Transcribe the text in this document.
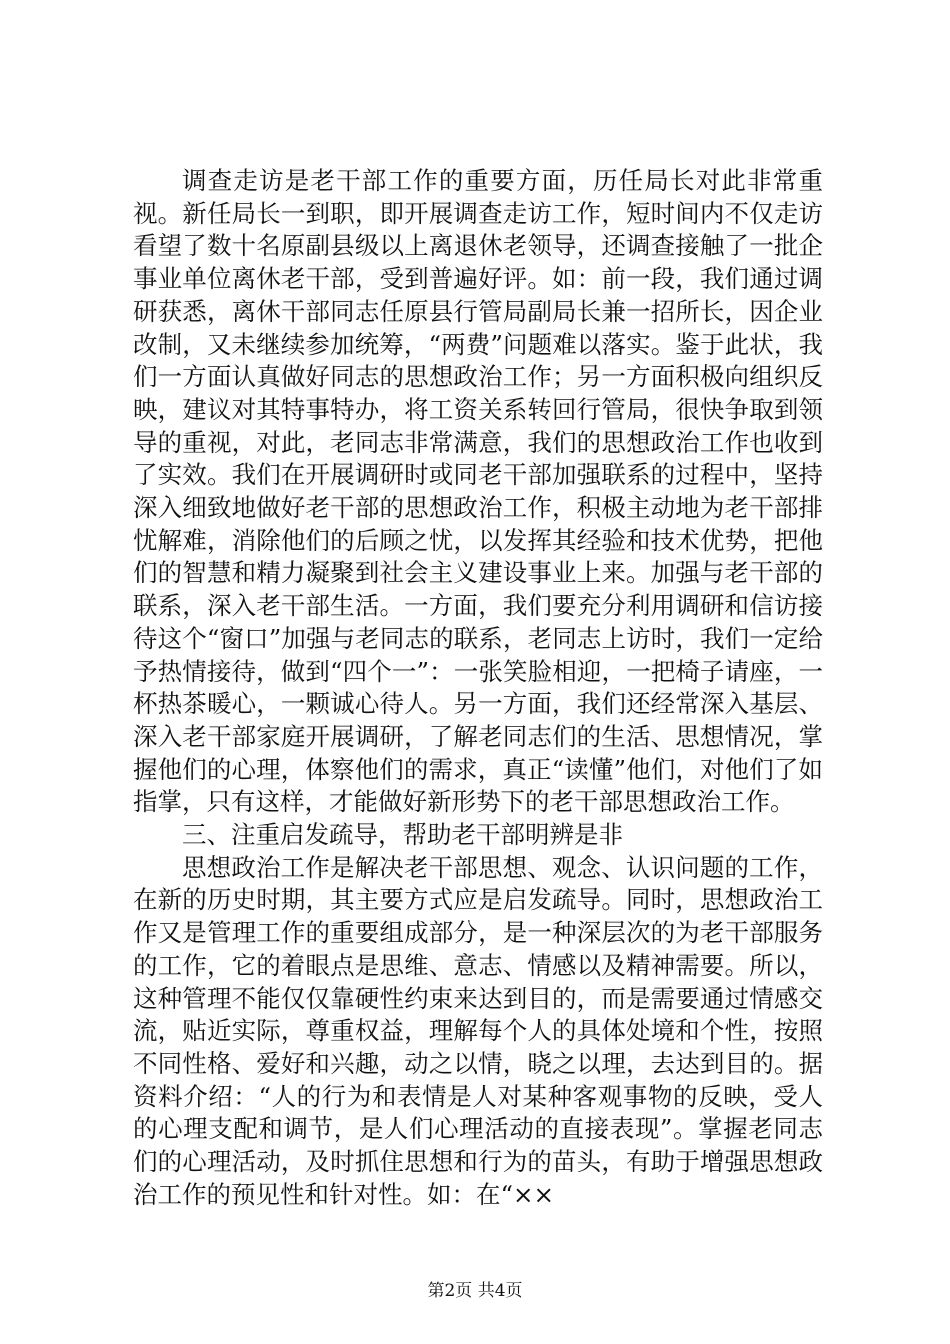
调查走访是老干部工作的重要方面，历任局长对此非常重视。新任局长一到职，即开展调查走访工作，短时间内不仅走访看望了数十名原副县级以上离退休老领导，还调查接触了一批企事业单位离休老干部，受到普遍好评。如：前一段，我们通过调研获悉，离休干部同志任原县行管局副局长兼一招所长，因企业改制，又未继续参加统筹，“两费”问题难以落实。鉴于此状，我们一方面认真做好同志的思想政治工作；另一方面积极向组织反映，建议对其特事特办，将工资关系转回行管局，很快争取到领导的重视，对此，老同志非常满意，我们的思想政治工作也收到了实效。我们在开展调研时或同老干部加强联系的过程中，坚持深入细致地做好老干部的思想政治工作，积极主动地为老干部排忧解难，消除他们的后顾之忧，以发挥其经验和技术优势，把他们的智慧和精力凝聚到社会主义建设事业上来。加强与老干部的联系，深入老干部生活。一方面，我们要充分利用调研和信访接待这个“窗口”加强与老同志的联系，老同志上访时，我们一定给予热情接待，做到“四个一”：一张笑脸相迎，一把椅子请座，一杯热茶暖心，一颗诚心待人。另一方面，我们还经常深入基层、深入老干部家庭开展调研，了解老同志们的生活、思想情况，掌握他们的心理，体察他们的需求，真正“读懂”他们，对他们了如指掌，只有这样，才能做好新形势下的老干部思想政治工作。

三、注重启发疏导，帮助老干部明辨是非

思想政治工作是解决老干部思想、观念、认识问题的工作，在新的历史时期，其主要方式应是启发疏导。同时，思想政治工作又是管理工作的重要组成部分，是一种深层次的为老干部服务的工作，它的着眼点是思维、意志、情感以及精神需要。所以，这种管理不能仅仅靠硬性约束来达到目的，而是需要通过情感交流，贴近实际，尊重权益，理解每个人的具体处境和个性，按照不同性格、爱好和兴趣，动之以情，晓之以理，去达到目的。据资料介绍：“人的行为和表情是人对某种客观事物的反映，受人的心理支配和调节，是人们心理活动的直接表现”。掌握老同志们的心理活动，及时抓住思想和行为的苗头，有助于增强思想政治工作的预见性和针对性。如：在“××

第2页 共4页
